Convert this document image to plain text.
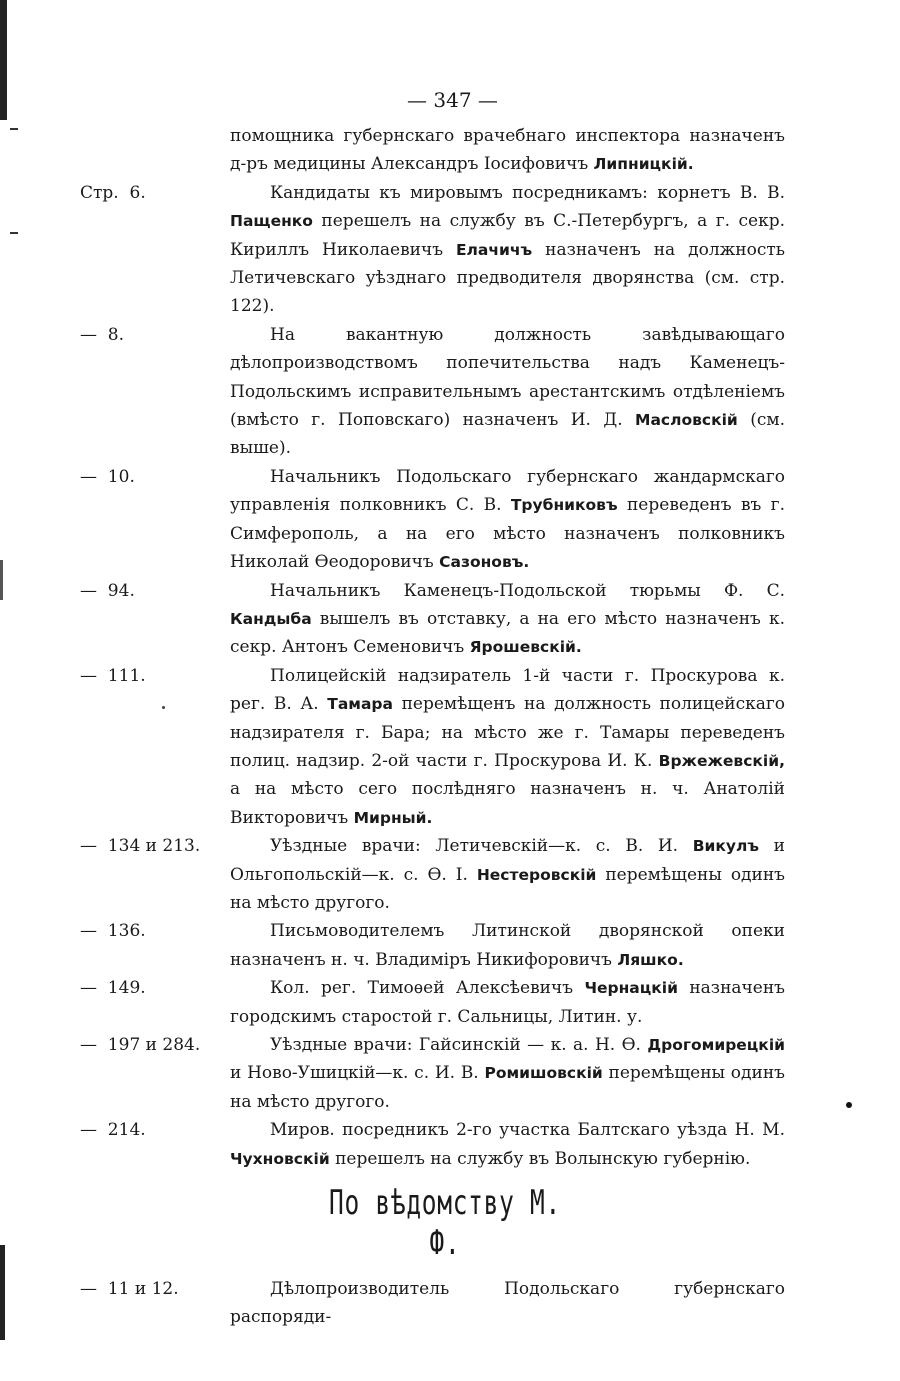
— 347 —
помощника губернскаго врачебнаго инспектора назначенъ д-ръ медицины Александръ Іосифовичъ Липницкій.
Стр.  6.	Кандидаты къ мировымъ посредникамъ: корнетъ В. В. Пащенко перешелъ на службу въ С.-Петербургъ, а г. секр. Кириллъ Николаевичъ Елачичъ назначенъ на должность Летичевскаго уѣзднаго предводителя дворянства (см. стр. 122).
—  8.	На вакантную должность завѣдывающаго дѣлопроизводствомъ попечительства надъ Каменецъ-Подольскимъ исправительнымъ арестантскимъ отдѣленіемъ (вмѣсто г. Поповскаго) назначенъ И. Д. Масловскій (см. выше).
—  10.	Начальникъ Подольскаго губернскаго жандармскаго управленія полковникъ С. В. Трубниковъ переведенъ въ г. Симферополь, а на его мѣсто назначенъ полковникъ Николай Ѳеодоровичъ Сазоновъ.
—  94.	Начальникъ Каменецъ-Подольской тюрьмы Ф. С. Кандыба вышелъ въ отставку, а на его мѣсто назначенъ к. секр. Антонъ Семеновичъ Ярошевскій.
—  111.	Полицейскій надзиратель 1-й части г. Проскурова к. рег. В. А. Тамара перемѣщенъ на должность полицейскаго надзирателя г. Бара; на мѣсто же г. Тамары переведенъ полиц. надзир. 2-ой части г. Проскурова И. К. Вржежевскій, а на мѣсто сего послѣдняго назначенъ н. ч. Анатолій Викторовичъ Мирный.
—  134 и 213.	Уѣздные врачи: Летичевскій—к. с. В. И. Викулъ и Ольгопольскій—к. с. Ѳ. І. Нестеровскій перемѣщены одинъ на мѣсто другого.
—  136.	Письмоводителемъ Литинской дворянской опеки назначенъ н. ч. Владиміръ Никифоровичъ Ляшко.
—  149.	Кол. рег. Тимоѳей Алексѣевичъ Чернацкій назначенъ городскимъ старостой г. Сальницы, Литин. у.
—  197 и 284.	Уѣздные врачи: Гайсинскій — к. а. Н. Ѳ. Дрогомирецкій и Ново-Ушицкій—к. с. И. В. Ромишовскій перемѣщены одинъ на мѣсто другого.
—  214.	Миров. посредникъ 2-го участка Балтскаго уѣзда Н. М. Чухновскій перешелъ на службу въ Волынскую губернію.
По вѣдомству М. Ф.
—  11 и 12.	Дѣлопроизводитель Подольскаго губернскаго распоряди-
